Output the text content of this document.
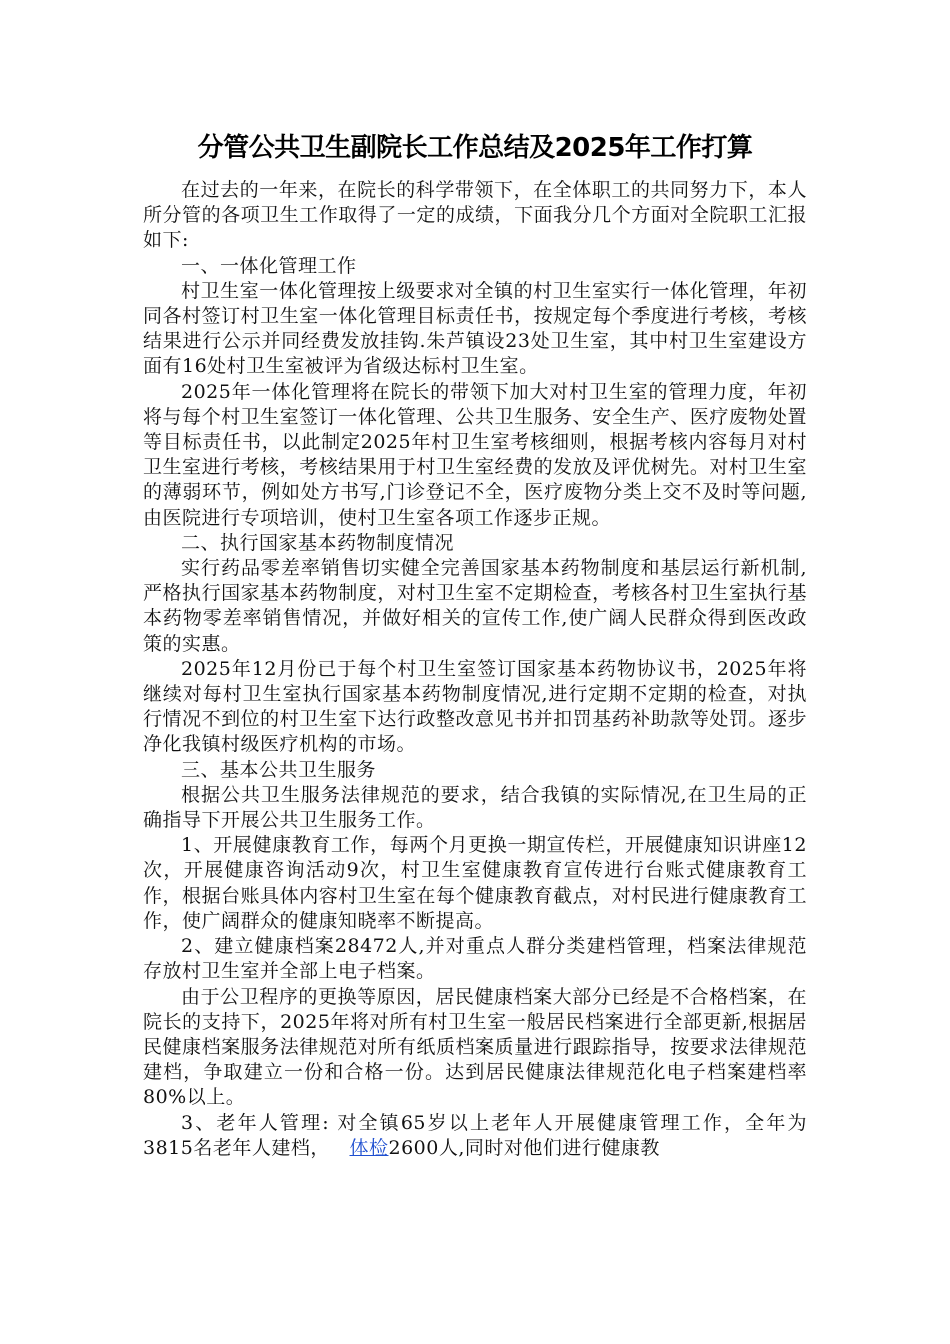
分管公共卫生副院长工作总结及2025年工作打算

在过去的一年来，在院长的科学带领下，在全体职工的共同努力下，本人所分管的各项卫生工作取得了一定的成绩，下面我分几个方面对全院职工汇报如下:

一、一体化管理工作

村卫生室一体化管理按上级要求对全镇的村卫生室实行一体化管理，年初同各村签订村卫生室一体化管理目标责任书，按规定每个季度进行考核，考核结果进行公示并同经费发放挂钩.朱芦镇设23处卫生室，其中村卫生室建设方面有16处村卫生室被评为省级达标村卫生室。

2025年一体化管理将在院长的带领下加大对村卫生室的管理力度，年初将与每个村卫生室签订一体化管理、公共卫生服务、安全生产、医疗废物处置等目标责任书，以此制定2025年村卫生室考核细则，根据考核内容每月对村卫生室进行考核，考核结果用于村卫生室经费的发放及评优树先。对村卫生室的薄弱环节，例如处方书写,门诊登记不全，医疗废物分类上交不及时等问题,由医院进行专项培训，使村卫生室各项工作逐步正规。

二、执行国家基本药物制度情况

实行药品零差率销售切实健全完善国家基本药物制度和基层运行新机制,严格执行国家基本药物制度，对村卫生室不定期检查，考核各村卫生室执行基本药物零差率销售情况，并做好相关的宣传工作,使广阔人民群众得到医改政策的实惠。

2025年12月份已于每个村卫生室签订国家基本药物协议书，2025年将继续对每村卫生室执行国家基本药物制度情况,进行定期不定期的检查，对执行情况不到位的村卫生室下达行政整改意见书并扣罚基药补助款等处罚。逐步净化我镇村级医疗机构的市场。

三、基本公共卫生服务

根据公共卫生服务法律规范的要求，结合我镇的实际情况,在卫生局的正确指导下开展公共卫生服务工作。

1、开展健康教育工作，每两个月更换一期宣传栏，开展健康知识讲座12次，开展健康咨询活动9次，村卫生室健康教育宣传进行台账式健康教育工作，根据台账具体内容村卫生室在每个健康教育截点，对村民进行健康教育工作，使广阔群众的健康知晓率不断提高。

2、建立健康档案28472人,并对重点人群分类建档管理，档案法律规范存放村卫生室并全部上电子档案。

由于公卫程序的更换等原因，居民健康档案大部分已经是不合格档案，在院长的支持下，2025年将对所有村卫生室一般居民档案进行全部更新,根据居民健康档案服务法律规范对所有纸质档案质量进行跟踪指导，按要求法律规范建档，争取建立一份和合格一份。达到居民健康法律规范化电子档案建档率80%以上。

3、老年人管理: 对全镇65岁以上老年人开展健康管理工作，全年为3815名老年人建档， 体检2600人,同时对他们进行健康教
